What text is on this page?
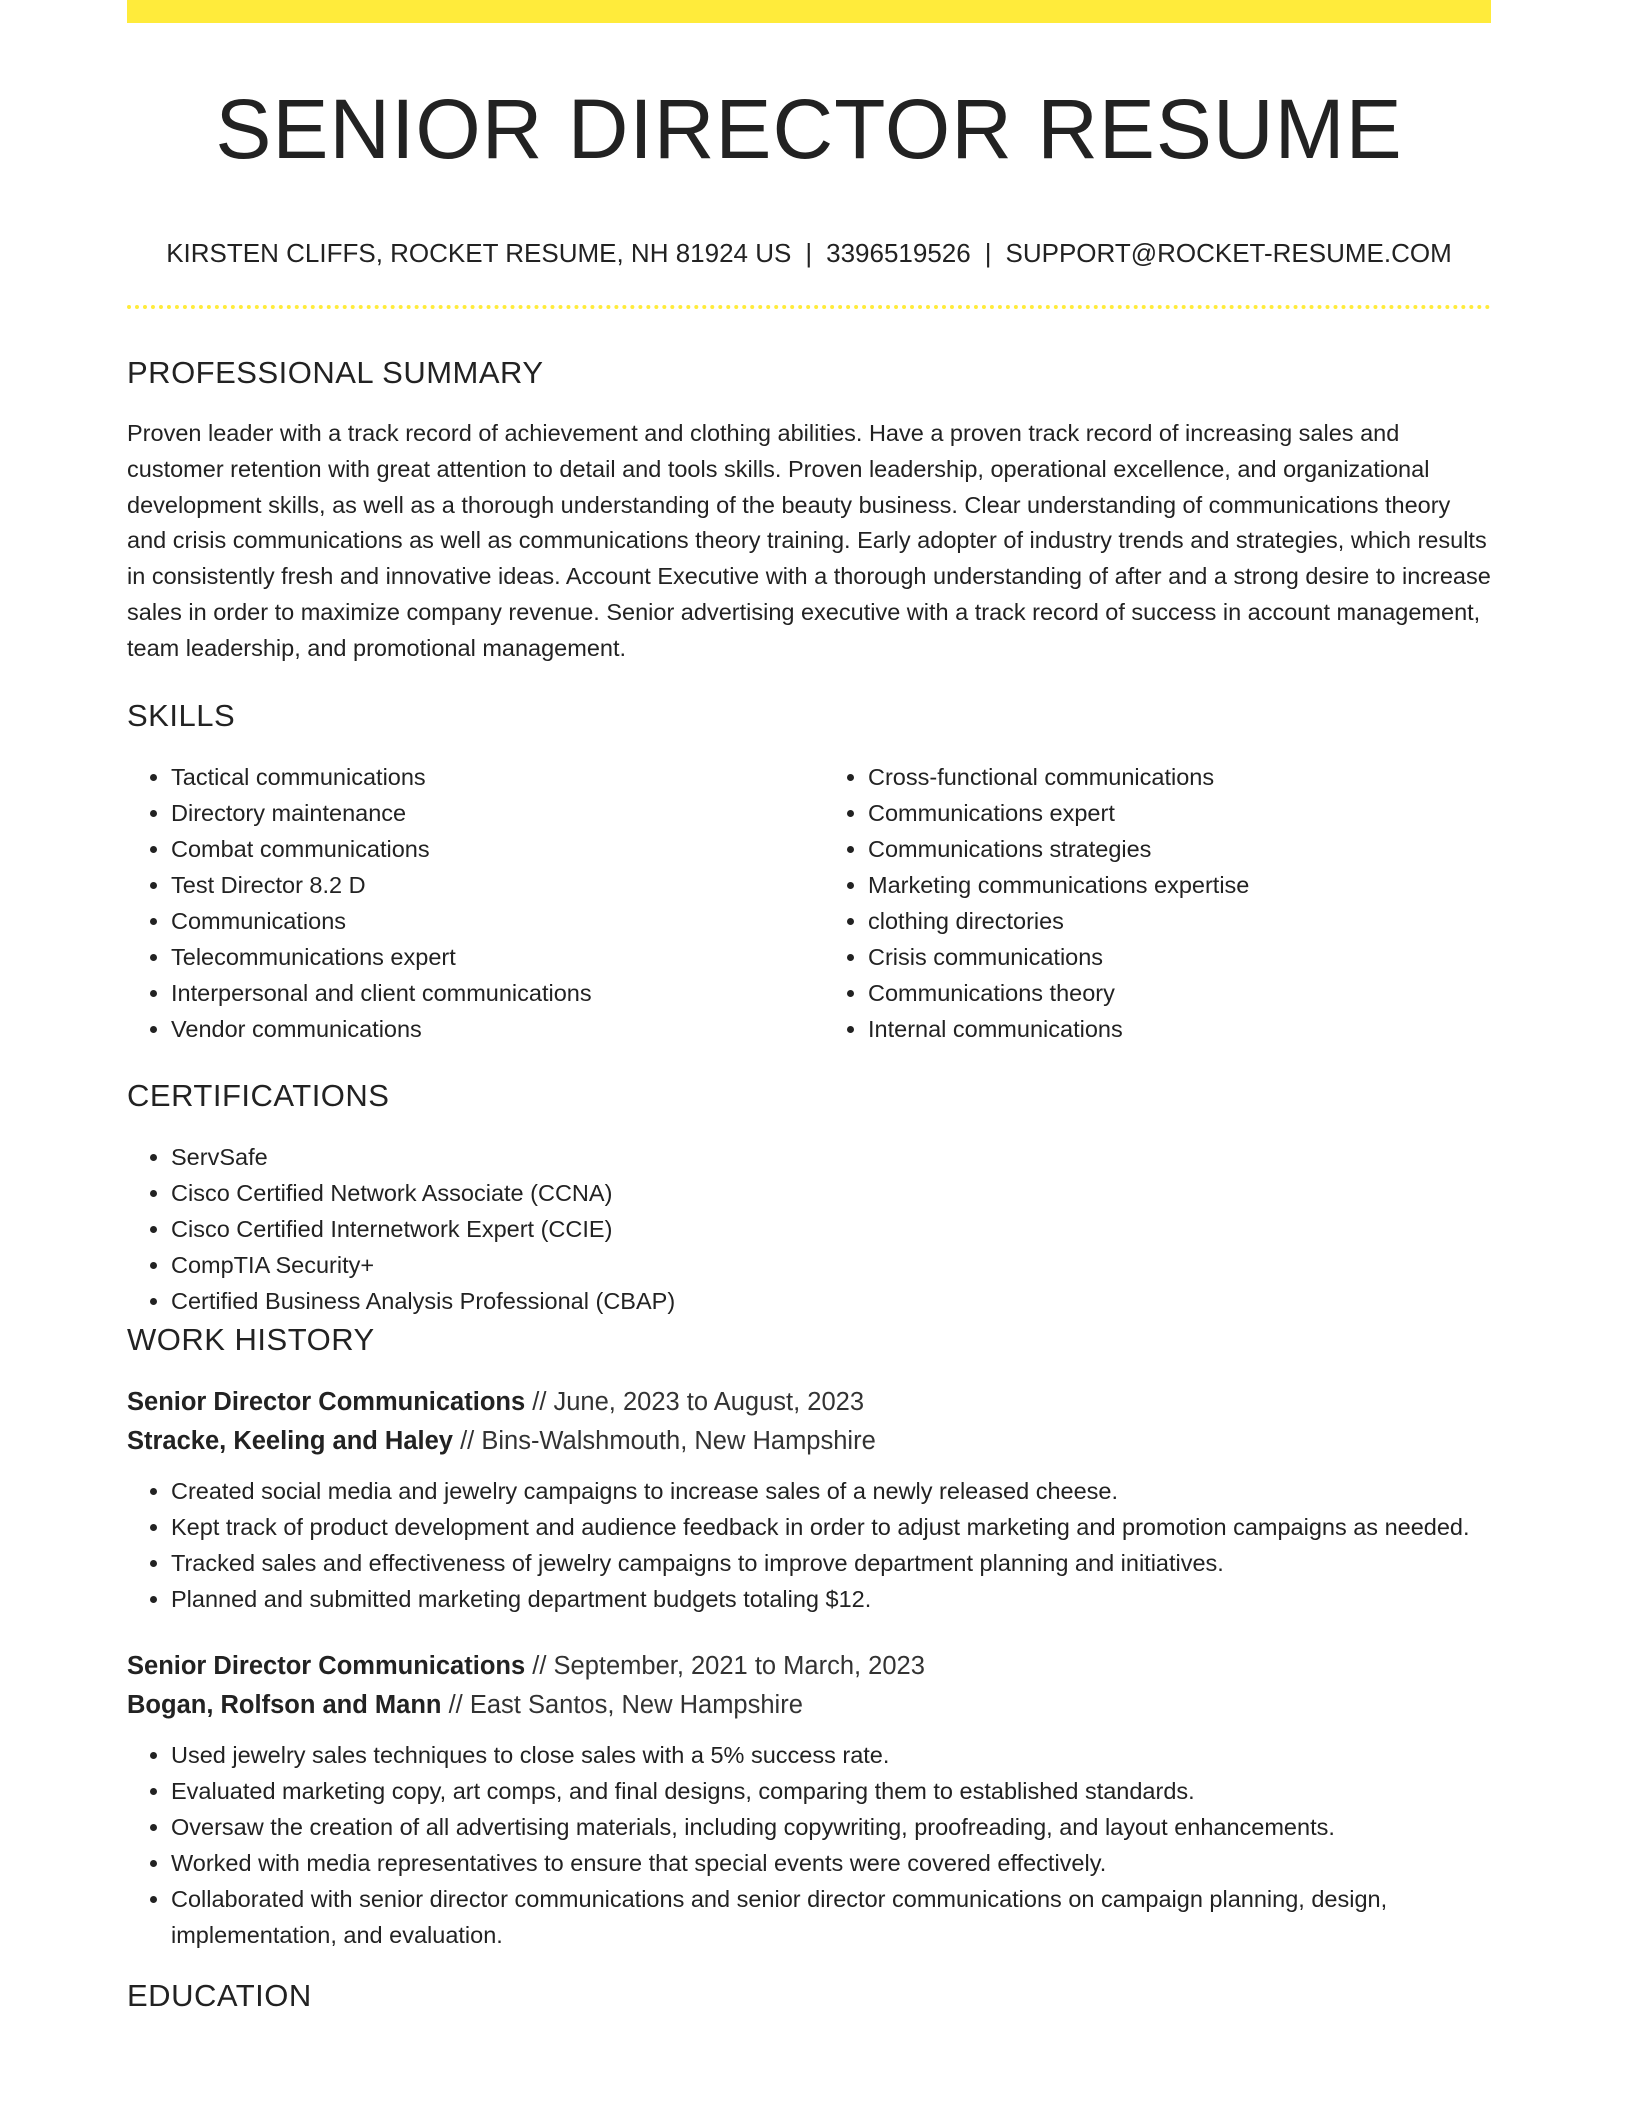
SENIOR DIRECTOR RESUME
KIRSTEN CLIFFS, ROCKET RESUME, NH 81924 US | 3396519526 | SUPPORT@ROCKET-RESUME.COM
PROFESSIONAL SUMMARY

Proven leader with a track record of achievement and clothing abilities. Have a proven track record of increasing sales and customer retention with great attention to detail and tools skills. Proven leadership, operational excellence, and organizational development skills, as well as a thorough understanding of the beauty business. Clear understanding of communications theory and crisis communications as well as communications theory training. Early adopter of industry trends and strategies, which results in consistently fresh and innovative ideas. Account Executive with a thorough understanding of after and a strong desire to increase sales in order to maximize company revenue. Senior advertising executive with a track record of success in account management, team leadership, and promotional management.

SKILLS
• Tactical communications
• Directory maintenance
• Combat communications
• Test Director 8.2 D
• Communications
• Telecommunications expert
• Interpersonal and client communications
• Vendor communications
• Cross-functional communications
• Communications expert
• Communications strategies
• Marketing communications expertise
• clothing directories
• Crisis communications
• Communications theory
• Internal communications
CERTIFICATIONS
• ServSafe
• Cisco Certified Network Associate (CCNA)
• Cisco Certified Internetwork Expert (CCIE)
• CompTIA Security+
• Certified Business Analysis Professional (CBAP)
WORK HISTORY
Senior Director Communications // June, 2023 to August, 2023
Stracke, Keeling and Haley // Bins-Walshmouth, New Hampshire
• Created social media and jewelry campaigns to increase sales of a newly released cheese.
• Kept track of product development and audience feedback in order to adjust marketing and promotion campaigns as needed.
• Tracked sales and effectiveness of jewelry campaigns to improve department planning and initiatives.
• Planned and submitted marketing department budgets totaling $12.
Senior Director Communications // September, 2021 to March, 2023
Bogan, Rolfson and Mann // East Santos, New Hampshire
• Used jewelry sales techniques to close sales with a 5% success rate.
• Evaluated marketing copy, art comps, and final designs, comparing them to established standards.
• Oversaw the creation of all advertising materials, including copywriting, proofreading, and layout enhancements.
• Worked with media representatives to ensure that special events were covered effectively.
• Collaborated with senior director communications and senior director communications on campaign planning, design, implementation, and evaluation.
EDUCATION
